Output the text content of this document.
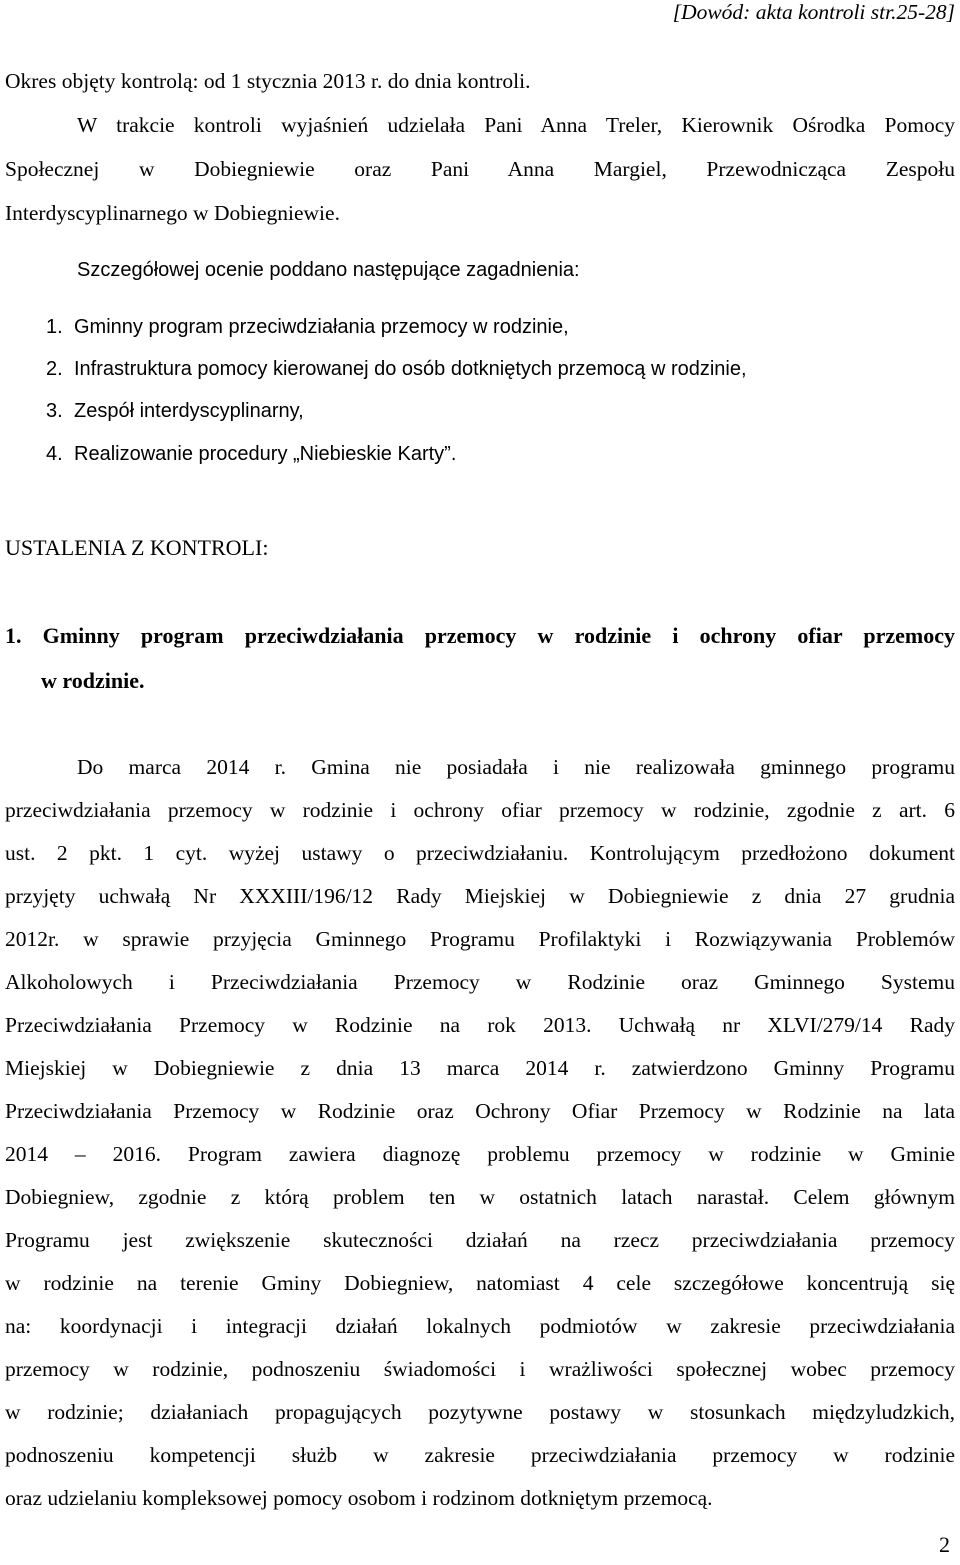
[Dowód: akta kontroli str.25-28]
Okres objęty kontrolą: od 1 stycznia 2013 r. do dnia kontroli.
W trakcie kontroli wyjaśnień udzielała Pani Anna Treler, Kierownik Ośrodka Pomocy
Społecznej w Dobiegniewie oraz Pani Anna Margiel, Przewodnicząca Zespołu
Interdyscyplinarnego w Dobiegniewie.
Szczegółowej ocenie poddano następujące zagadnienia:
1. Gminny program przeciwdziałania przemocy w rodzinie,
2. Infrastruktura pomocy kierowanej do osób dotkniętych przemocą w rodzinie,
3. Zespół interdyscyplinarny,
4. Realizowanie procedury „Niebieskie Karty”.
USTALENIA Z KONTROLI:
1. Gminny program przeciwdziałania przemocy w rodzinie i ochrony ofiar przemocy
w rodzinie.
Do marca 2014 r. Gmina nie posiadała i nie realizowała gminnego programu
przeciwdziałania przemocy w rodzinie i ochrony ofiar przemocy w rodzinie, zgodnie z art. 6
ust. 2 pkt. 1 cyt. wyżej ustawy o przeciwdziałaniu. Kontrolującym przedłożono dokument
przyjęty uchwałą Nr XXXIII/196/12 Rady Miejskiej w Dobiegniewie z dnia 27 grudnia
2012r. w sprawie przyjęcia Gminnego Programu Profilaktyki i Rozwiązywania Problemów
Alkoholowych i Przeciwdziałania Przemocy w Rodzinie oraz Gminnego Systemu
Przeciwdziałania Przemocy w Rodzinie na rok 2013. Uchwałą nr XLVI/279/14 Rady
Miejskiej w Dobiegniewie z dnia 13 marca 2014 r. zatwierdzono Gminny Programu
Przeciwdziałania Przemocy w Rodzinie oraz Ochrony Ofiar Przemocy w Rodzinie na lata
2014 – 2016. Program zawiera diagnozę problemu przemocy w rodzinie w Gminie
Dobiegniew, zgodnie z którą problem ten w ostatnich latach narastał. Celem głównym
Programu jest zwiększenie skuteczności działań na rzecz przeciwdziałania przemocy
w rodzinie na terenie Gminy Dobiegniew, natomiast 4 cele szczegółowe koncentrują się
na: koordynacji i integracji działań lokalnych podmiotów w zakresie przeciwdziałania
przemocy w rodzinie, podnoszeniu świadomości i wrażliwości społecznej wobec przemocy
w rodzinie; działaniach propagujących pozytywne postawy w stosunkach międzyludzkich,
podnoszeniu kompetencji służb w zakresie przeciwdziałania przemocy w rodzinie
oraz udzielaniu kompleksowej pomocy osobom i rodzinom dotkniętym przemocą.
2
